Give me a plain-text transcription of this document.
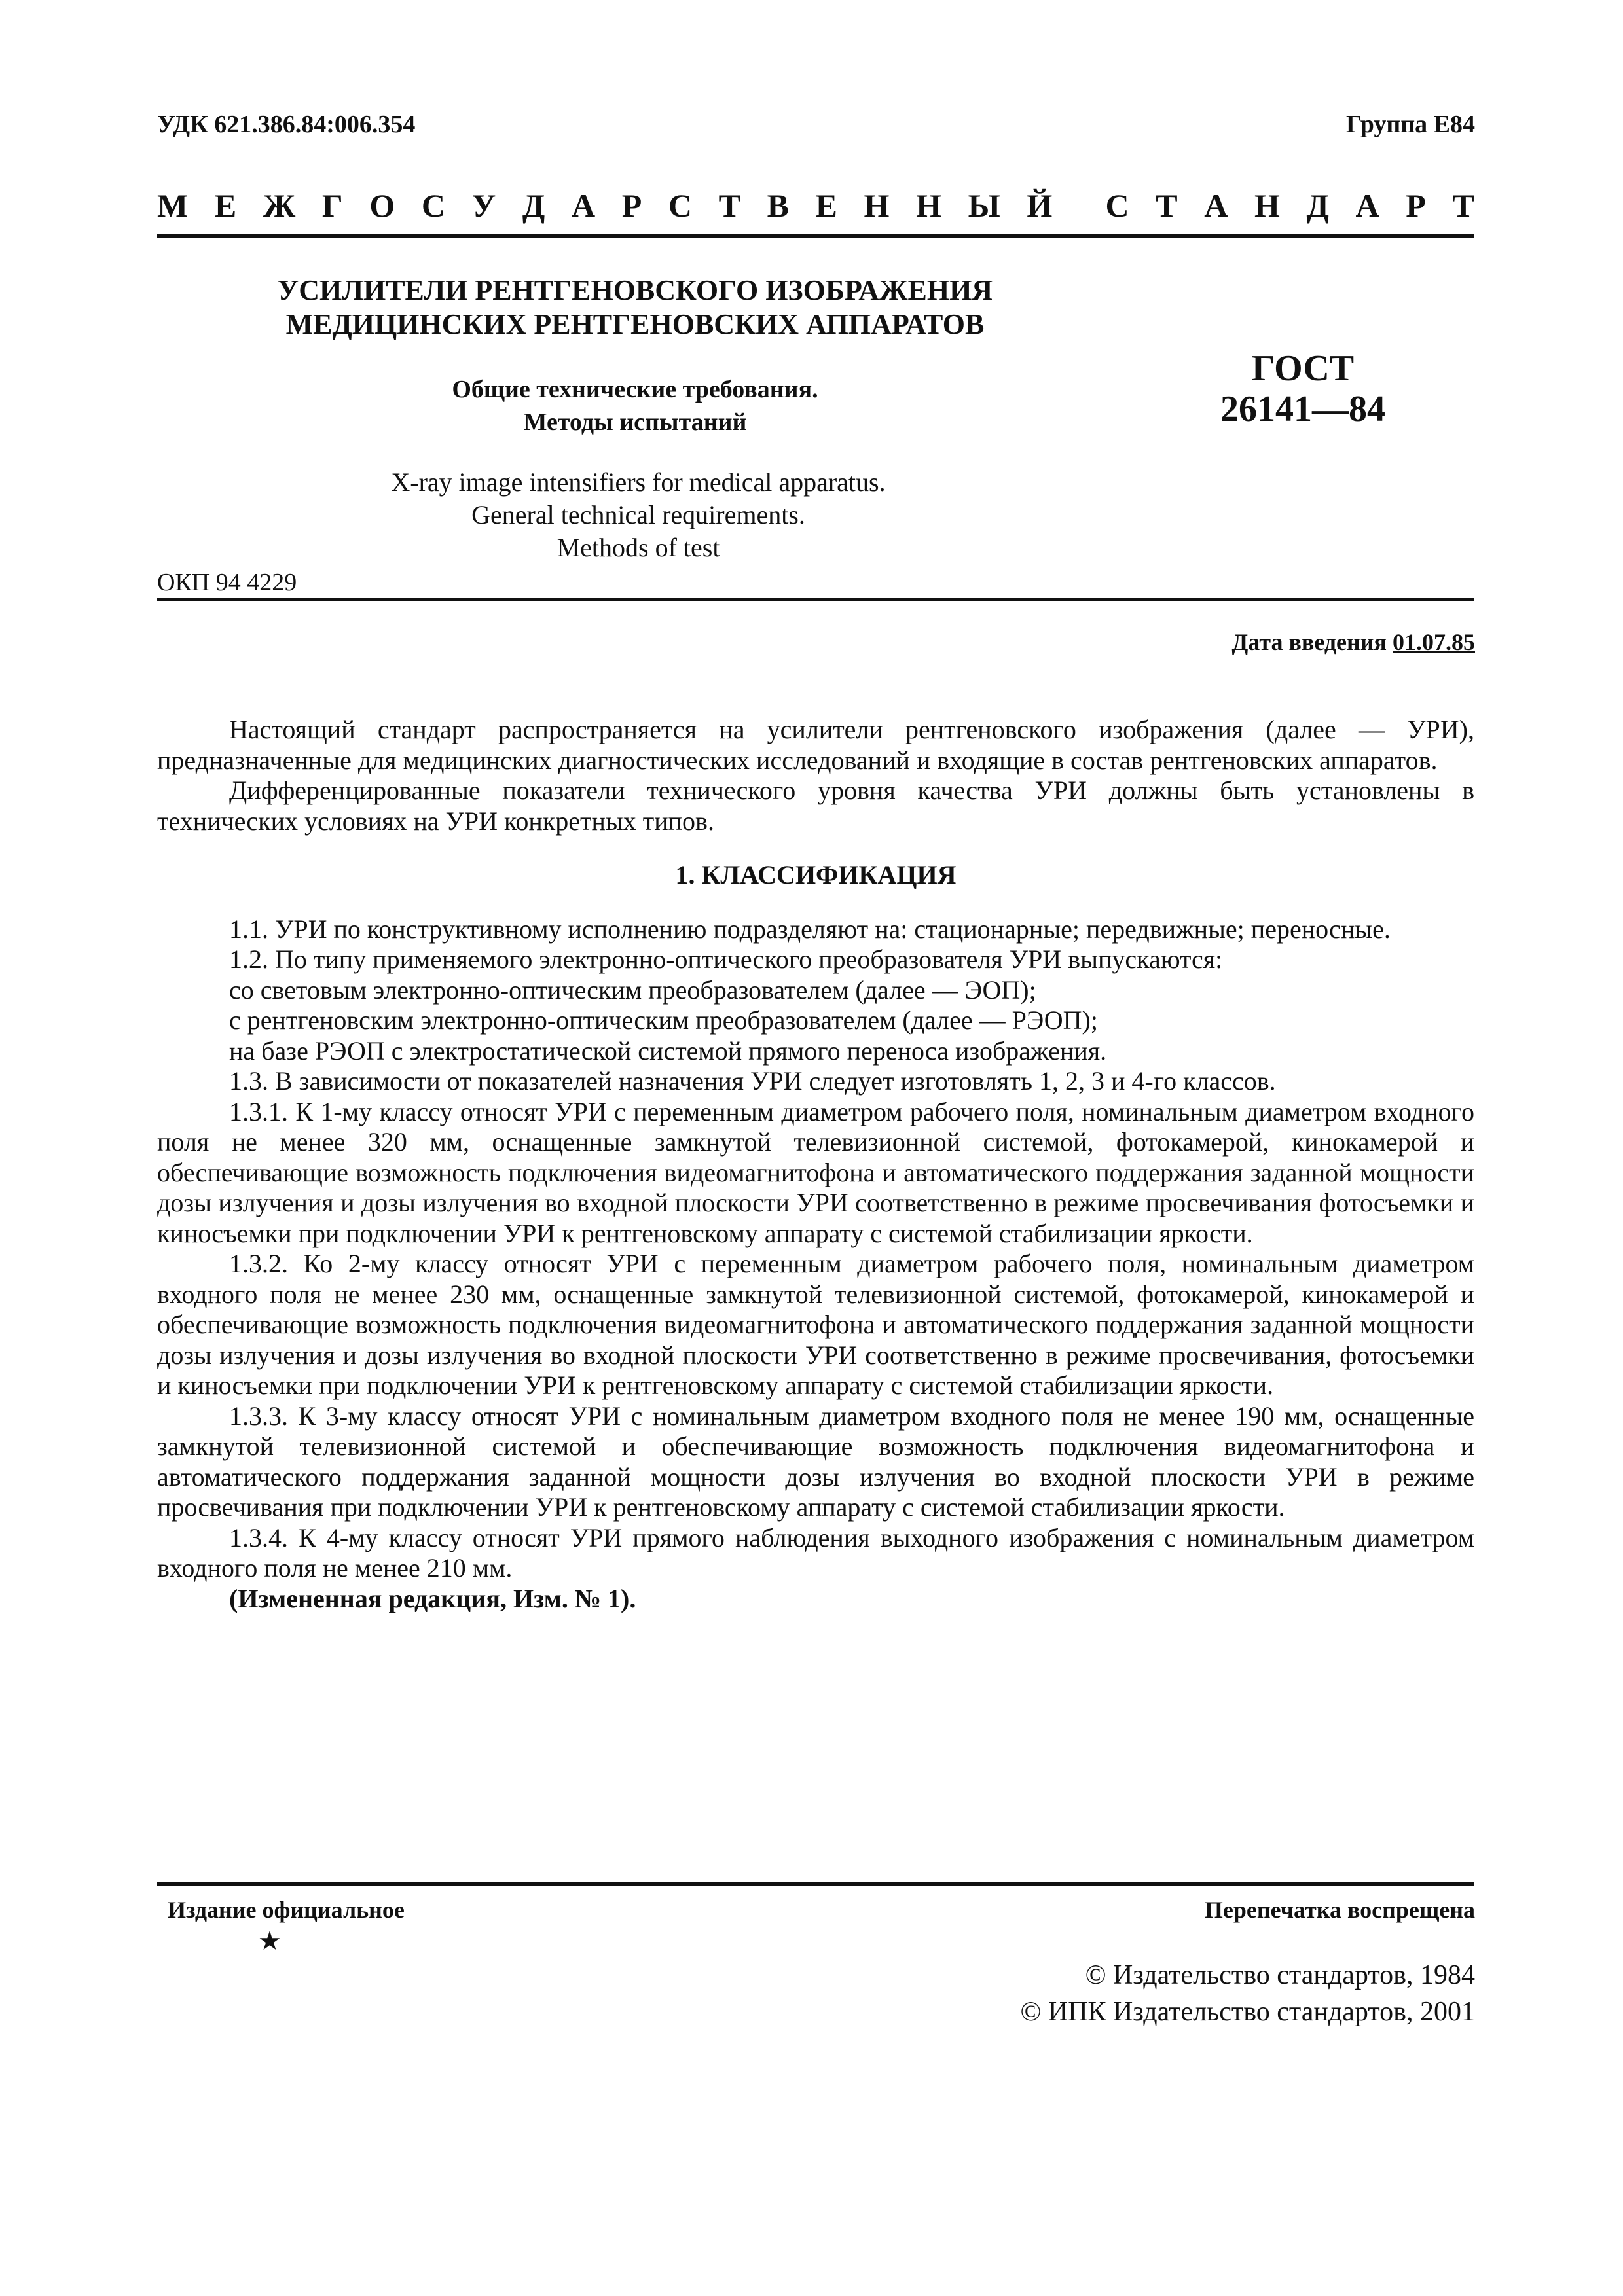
УДК 621.386.84:006.354	Группа Е84
М Е Ж Г О С У Д А Р С Т В Е Н Н Ы Й С Т А Н Д А Р Т
УСИЛИТЕЛИ РЕНТГЕНОВСКОГО ИЗОБРАЖЕНИЯ
МЕДИЦИНСКИХ РЕНТГЕНОВСКИХ АППАРАТОВ
Общие технические требования.
Методы испытаний
ГОСТ
26141—84
X-ray image intensifiers for medical apparatus.
General technical requirements.
Methods of test
ОКП 94 4229
Дата введения 01.07.85

Настоящий стандарт распространяется на усилители рентгеновского изображения (далее — УРИ), предназначенные для медицинских диагностических исследований и входящие в состав рентгеновских аппаратов.

Дифференцированные показатели технического уровня качества УРИ должны быть установлены в технических условиях на УРИ конкретных типов.

1. КЛАССИФИКАЦИЯ

1.1. УРИ по конструктивному исполнению подразделяют на: стационарные; передвижные; переносные.

1.2. По типу применяемого электронно-оптического преобразователя УРИ выпускаются:

со световым электронно-оптическим преобразователем (далее — ЭОП);

с рентгеновским электронно-оптическим преобразователем (далее — РЭОП);

на базе РЭОП с электростатической системой прямого переноса изображения.

1.3. В зависимости от показателей назначения УРИ следует изготовлять 1, 2, 3 и 4-го классов.

1.3.1. К 1-му классу относят УРИ с переменным диаметром рабочего поля, номинальным диаметром входного поля не менее 320 мм, оснащенные замкнутой телевизионной системой, фотокамерой, кинокамерой и обеспечивающие возможность подключения видеомагнитофона и автоматического поддержания заданной мощности дозы излучения и дозы излучения во входной плоскости УРИ соответственно в режиме просвечивания фотосъемки и киносъемки при подключении УРИ к рентгеновскому аппарату с системой стабилизации яркости.

1.3.2. Ко 2-му классу относят УРИ с переменным диаметром рабочего поля, номинальным диаметром входного поля не менее 230 мм, оснащенные замкнутой телевизионной системой, фотокамерой, кинокамерой и обеспечивающие возможность подключения видеомагнитофона и автоматического поддержания заданной мощности дозы излучения и дозы излучения во входной плоскости УРИ соответственно в режиме просвечивания, фотосъемки и киносъемки при подключении УРИ к рентгеновскому аппарату с системой стабилизации яркости.

1.3.3. К 3-му классу относят УРИ с номинальным диаметром входного поля не менее 190 мм, оснащенные замкнутой телевизионной системой и обеспечивающие возможность подключения видеомагнитофона и автоматического поддержания заданной мощности дозы излучения во входной плоскости УРИ в режиме просвечивания при подключении УРИ к рентгеновскому аппарату с системой стабилизации яркости.

1.3.4. К 4-му классу относят УРИ прямого наблюдения выходного изображения с номинальным диаметром входного поля не менее 210 мм.

(Измененная редакция, Изм. № 1).

Издание официальное
★
Перепечатка воспрещена
© Издательство стандартов, 1984
© ИПК Издательство стандартов, 2001
